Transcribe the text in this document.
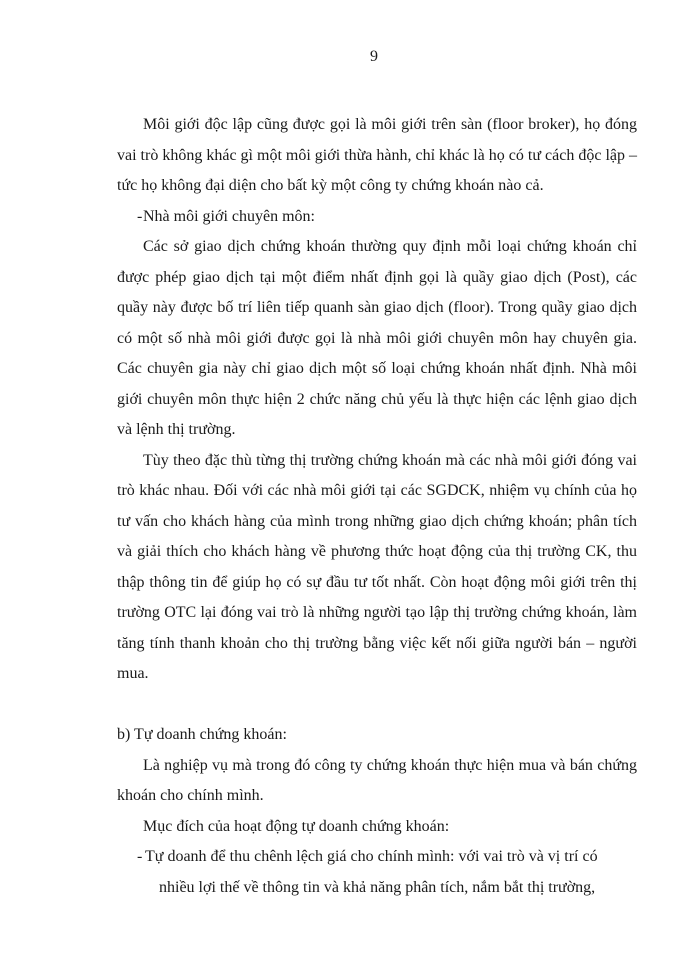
9

Môi giới độc lập cũng được gọi là môi giới trên sàn (floor broker), họ đóng vai trò không khác gì một môi giới thừa hành, chỉ khác là họ có tư cách độc lập – tức họ không đại diện cho bất kỳ một công ty chứng khoán nào cả.

- Nhà môi giới chuyên môn:

Các sở giao dịch chứng khoán thường quy định mỗi loại chứng khoán chỉ được phép giao dịch tại một điểm nhất định gọi là quầy giao dịch (Post), các quầy này được bố trí liên tiếp quanh sàn giao dịch (floor). Trong quầy giao dịch có một số nhà môi giới được gọi là nhà môi giới chuyên môn hay chuyên gia. Các chuyên gia này chỉ giao dịch một số loại chứng khoán nhất định. Nhà môi giới chuyên môn thực hiện 2 chức năng chủ yếu là thực hiện các lệnh giao dịch và lệnh thị trường.

Tùy theo đặc thù từng thị trường chứng khoán mà các nhà môi giới đóng vai trò khác nhau. Đối với các nhà môi giới tại các SGDCK, nhiệm vụ chính của họ tư vấn cho khách hàng của mình trong những giao dịch chứng khoán; phân tích và giải thích cho khách hàng về phương thức hoạt động của thị trường CK, thu thập thông tin để giúp họ có sự đầu tư tốt nhất. Còn hoạt động môi giới trên thị trường OTC lại đóng vai trò là những người tạo lập thị trường chứng khoán, làm tăng tính thanh khoản cho thị trường bằng việc kết nối giữa người bán – người mua.

b) Tự doanh chứng khoán:

Là nghiệp vụ mà trong đó công ty chứng khoán thực hiện mua và bán chứng khoán cho chính mình.

Mục đích của hoạt động tự doanh chứng khoán:

- Tự doanh để thu chênh lệch giá cho chính mình: với vai trò và vị trí có

nhiều lợi thế về thông tin và khả năng phân tích, nắm bắt thị trường,
